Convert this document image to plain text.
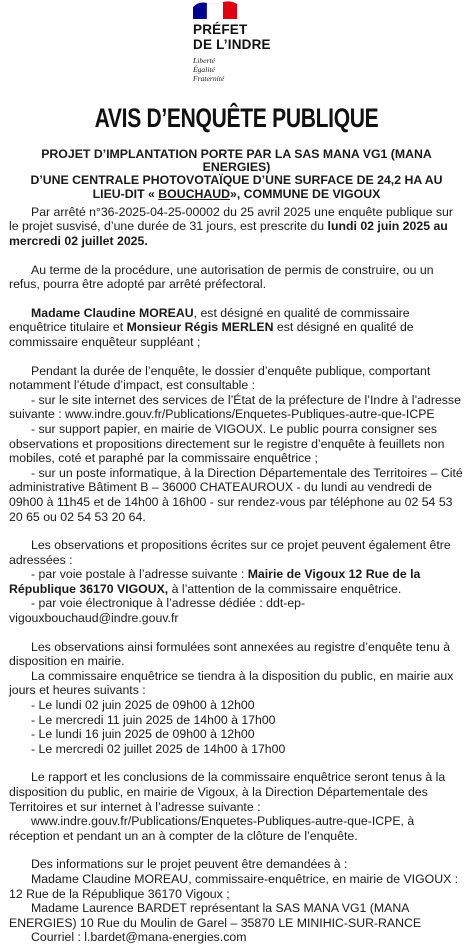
PRÉFET
DE L’INDRE
Liberté
Égalité
Fraternité
AVIS D’ENQUÊTE PUBLIQUE
PROJET D’IMPLANTATION PORTE PAR LA SAS MANA VG1 (MANA ENERGIES)
D’UNE CENTRALE PHOTOVOTAÏQUE D’UNE SURFACE DE 24,2 HA AU
LIEU-DIT « BOUCHAUD», COMMUNE DE VIGOUX

Par arrêté n°36-2025-04-25-00002 du 25 avril 2025 une enquête publique sur le projet susvisé, d’une durée de 31 jours, est prescrite du lundi 02 juin 2025 au mercredi 02 juillet 2025.

Au terme de la procédure, une autorisation de permis de construire, ou un refus, pourra être adopté par arrêté préfectoral.

Madame Claudine MOREAU, est désigné en qualité de commissaire enquêtrice titulaire et Monsieur Régis MERLEN est désigné en qualité de commissaire enquêteur suppléant ;

Pendant la durée de l’enquête, le dossier d’enquête publique, comportant notamment l’étude d’impact, est consultable :

- sur le site internet des services de l’État de la préfecture de l’Indre à l’adresse suivante : www.indre.gouv.fr/Publications/Enquetes-Publiques-autre-que-ICPE

- sur support papier, en mairie de VIGOUX. Le public pourra consigner ses observations et propositions directement sur le registre d’enquête à feuillets non mobiles, coté et paraphé par la commissaire enquêtrice ;

- sur un poste informatique, à la Direction Départementale des Territoires – Cité administrative Bâtiment B – 36000 CHATEAUROUX - du lundi au vendredi de 09h00 à 11h45 et de 14h00 à 16h00 - sur rendez-vous par téléphone au 02 54 53 20 65 ou 02 54 53 20 64.

Les observations et propositions écrites sur ce projet peuvent également être adressées :

- par voie postale à l’adresse suivante : Mairie de Vigoux 12 Rue de la République 36170 VIGOUX, à l’attention de la commissaire enquêtrice.

- par voie électronique à l’adresse dédiée : ddt-ep-vigouxbouchaud@indre.gouv.fr

Les observations ainsi formulées sont annexées au registre d’enquête tenu à disposition en mairie.

La commissaire enquêtrice se tiendra à la disposition du public, en mairie aux jours et heures suivants :

- Le lundi 02 juin 2025 de 09h00 à 12h00

- Le mercredi 11 juin 2025 de 14h00 à 17h00

- Le lundi 16 juin 2025 de 09h00 à 12h00

- Le mercredi 02 juillet 2025 de 14h00 à 17h00

Le rapport et les conclusions de la commissaire enquêtrice seront tenus à la disposition du public, en mairie de Vigoux, à la Direction Départementale des Territoires et sur internet à l’adresse suivante :

www.indre.gouv.fr/Publications/Enquetes-Publiques-autre-que-ICPE, à réception et pendant un an à compter de la clôture de l’enquête.

Des informations sur le projet peuvent être demandées à :

Madame Claudine MOREAU, commissaire-enquêtrice, en mairie de VIGOUX : 12 Rue de la République 36170 Vigoux ;

Madame Laurence BARDET représentant la SAS MANA VG1 (MANA ENERGIES) 10 Rue du Moulin de Garel – 35870 LE MINIHIC-SUR-RANCE

Courriel : l.bardet@mana-energies.com
